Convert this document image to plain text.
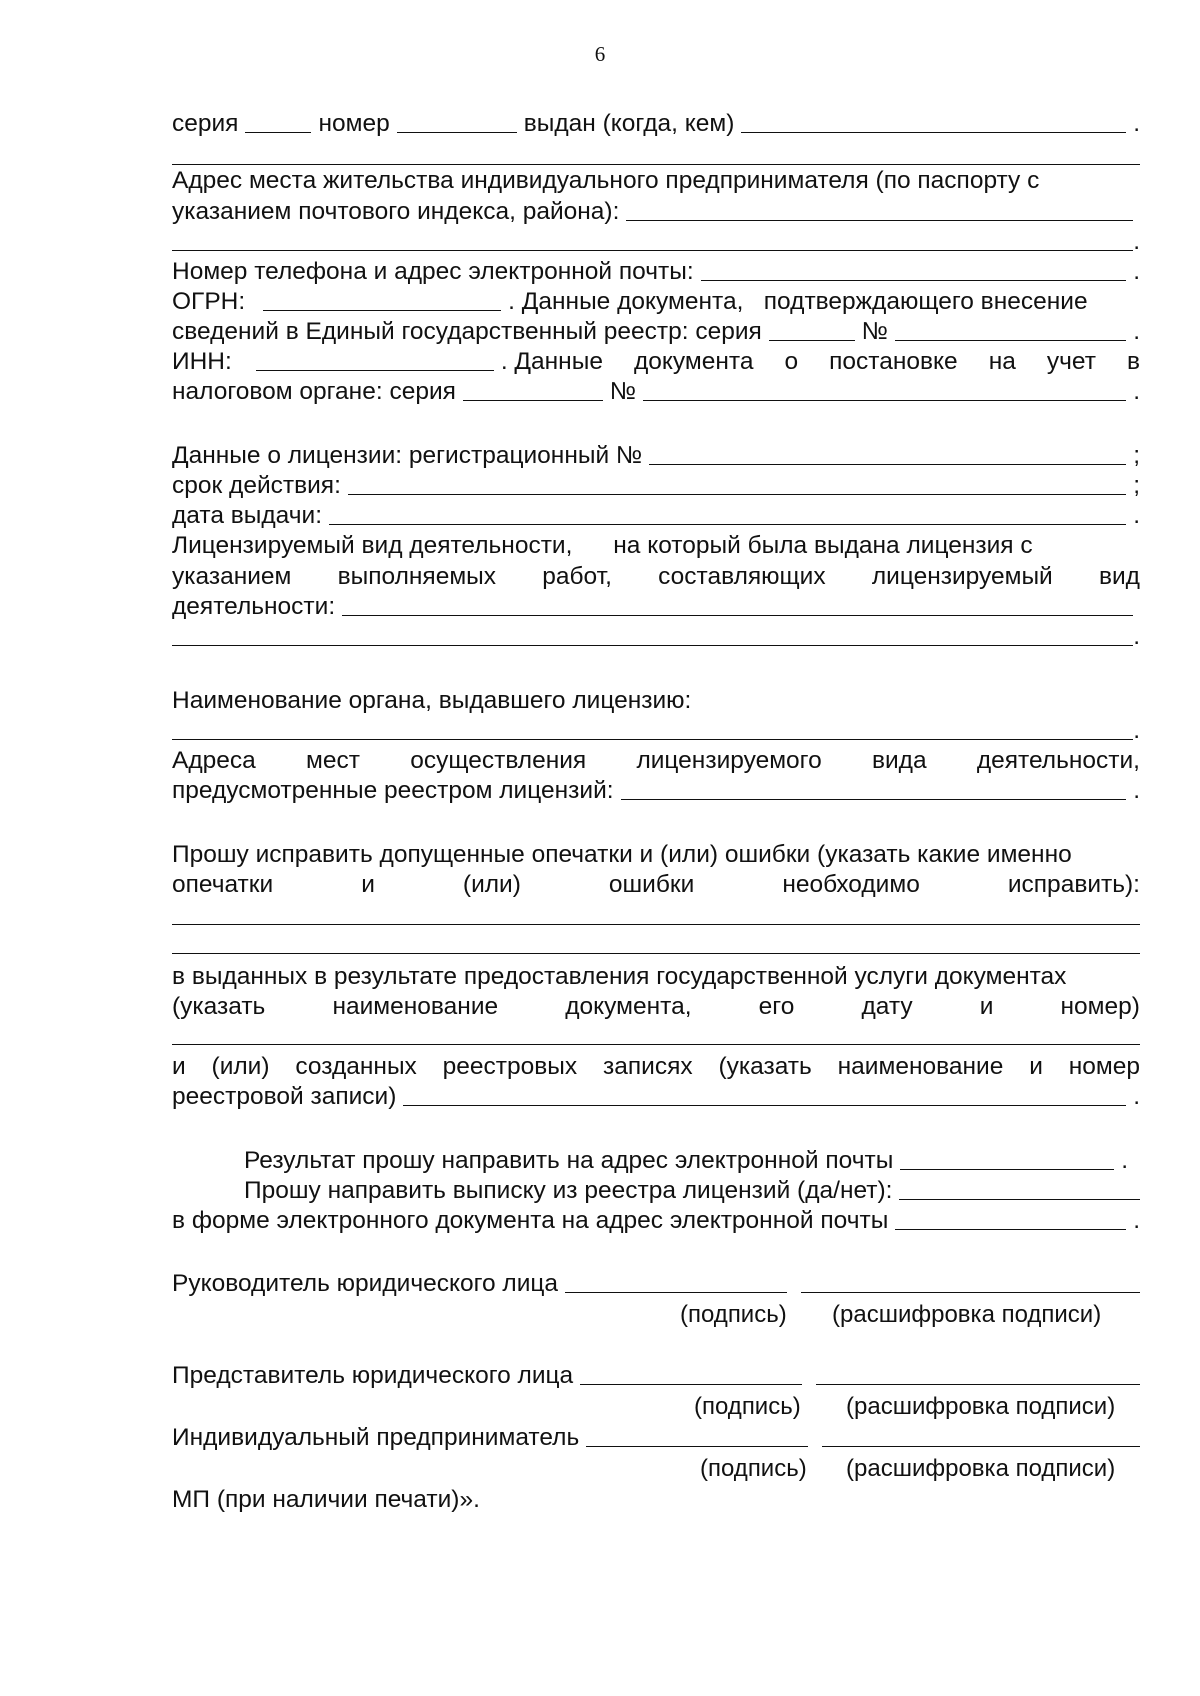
6
серия	номер	выдан (когда, кем)	.
Адрес места жительства индивидуального предпринимателя (по паспорту с
указанием почтового индекса, района):
.
Номер телефона и адрес электронной почты:	.
ОГРН:	. Данные документа,   подтверждающего внесение
сведений в Единый государственный реестр: серия	№	.
ИНН:	. Данные документа о постановке на учет в
налоговом органе: серия	№	.
Данные о лицензии: регистрационный №	;
срок действия:	;
дата выдачи:	.
Лицензируемый вид деятельности,      на который была выдана лицензия с
указанием выполняемых работ, составляющих лицензируемый вид
деятельности:
.
Наименование органа, выдавшего лицензию:
.
Адреса мест осуществления лицензируемого вида деятельности,
предусмотренные реестром лицензий:	.
Прошу исправить допущенные опечатки и (или) ошибки (указать какие именно
опечатки	и	(или)	ошибки	необходимо	исправить):
в выданных в результате предоставления государственной услуги документах
(указать	наименование	документа,	его	дату	и	номер)
и (или) созданных реестровых записях (указать наименование и номер
реестровой записи)	.
Результат прошу направить на адрес электронной почты	.
Прошу направить выписку из реестра лицензий (да/нет):
в форме электронного документа на адрес электронной почты	.
Руководитель юридического лица
(подпись) (расшифровка подписи)
Представитель юридического лица
(подпись) (расшифровка подписи)
Индивидуальный предприниматель
(подпись) (расшифровка подписи)
МП (при наличии печати)».
